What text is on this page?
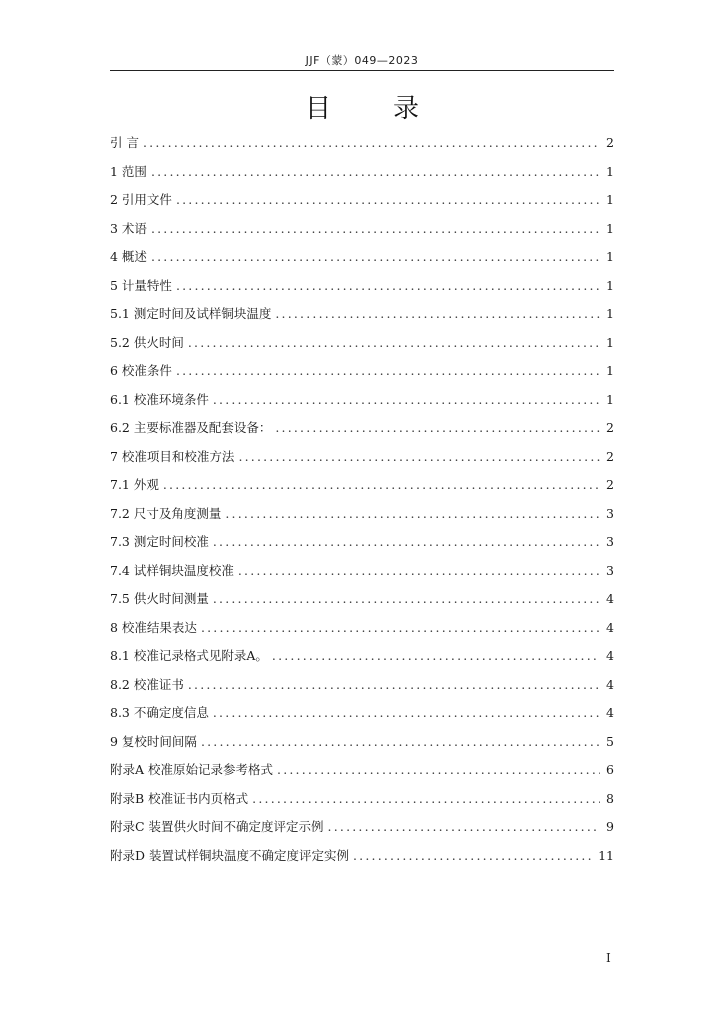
JJF（蒙）049—2023
目录
引 言 .....	2
1 范围 .....	1
2 引用文件 .....	1
3 术语 .....	1
4 概述 .....	1
5 计量特性 .....	1
5.1 测定时间及试样铜块温度 .....	1
5.2 供火时间 .....	1
6 校准条件 .....	1
6.1 校准环境条件 .....	1
6.2 主要标准器及配套设备： .....	2
7 校准项目和校准方法 .....	2
7.1 外观 .....	2
7.2 尺寸及角度测量 .....	3
7.3 测定时间校准 .....	3
7.4 试样铜块温度校准 .....	3
7.5 供火时间测量 .....	4
8 校准结果表达 .....	4
8.1 校准记录格式见附录A。 .....	4
8.2 校准证书 .....	4
8.3 不确定度信息 .....	4
9 复校时间间隔 .....	5
附录A 校准原始记录参考格式 .....	6
附录B 校准证书内页格式 .....	8
附录C 装置供火时间不确定度评定示例 .....	9
附录D 装置试样铜块温度不确定度评定实例 .....	11
I
